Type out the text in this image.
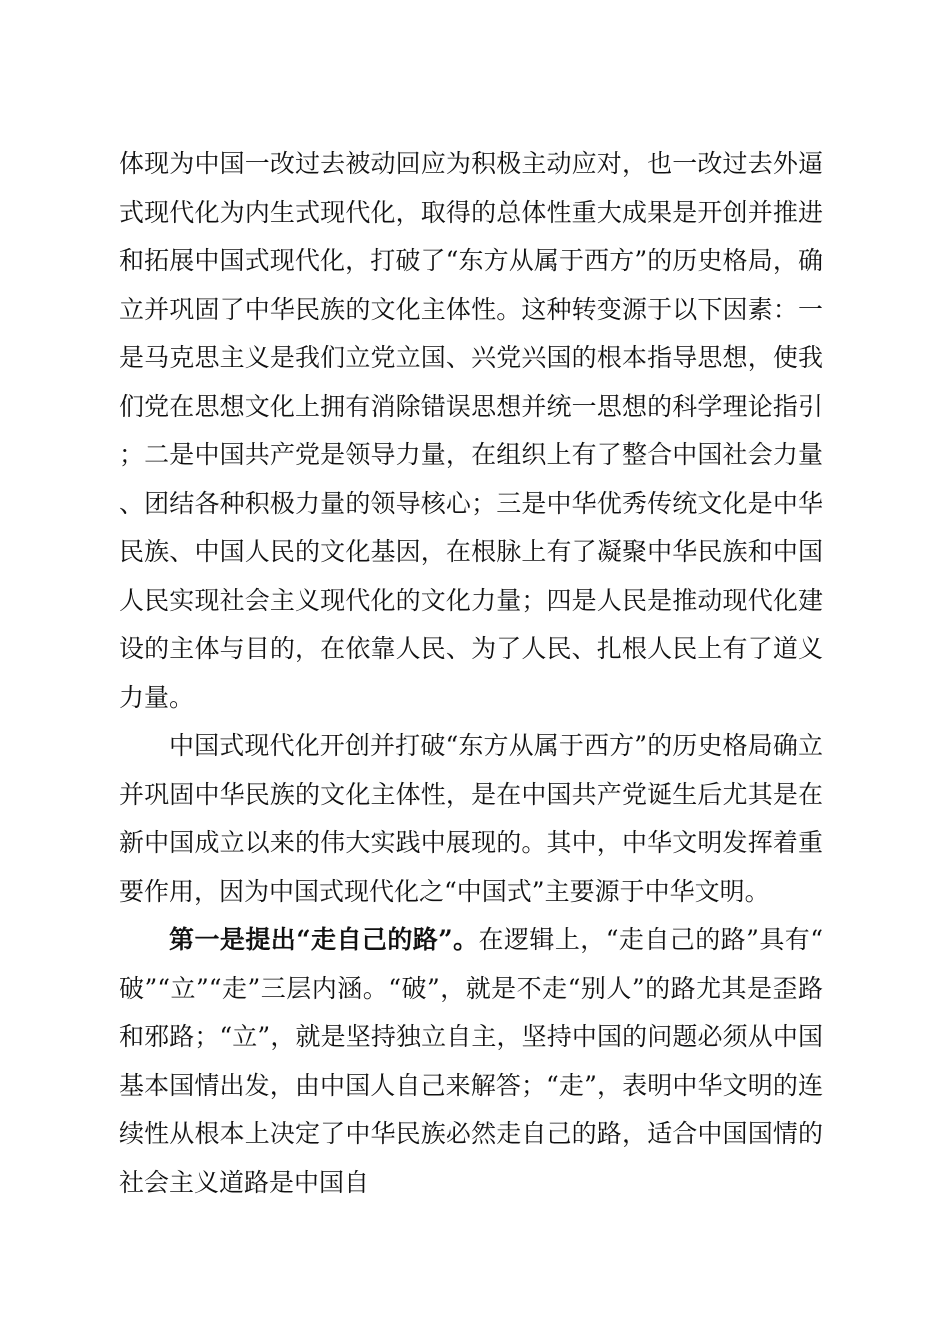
体现为中国一改过去被动回应为积极主动应对，也一改过去外逼式现代化为内生式现代化，取得的总体性重大成果是开创并推进和拓展中国式现代化，打破了“东方从属于西方”的历史格局，确立并巩固了中华民族的文化主体性。这种转变源于以下因素：一是马克思主义是我们立党立国、兴党兴国的根本指导思想，使我们党在思想文化上拥有消除错误思想并统一思想的科学理论指引；二是中国共产党是领导力量，在组织上有了整合中国社会力量、团结各种积极力量的领导核心；三是中华优秀传统文化是中华民族、中国人民的文化基因，在根脉上有了凝聚中华民族和中国人民实现社会主义现代化的文化力量；四是人民是推动现代化建设的主体与目的，在依靠人民、为了人民、扎根人民上有了道义力量。

中国式现代化开创并打破“东方从属于西方”的历史格局确立并巩固中华民族的文化主体性，是在中国共产党诞生后尤其是在新中国成立以来的伟大实践中展现的。其中，中华文明发挥着重要作用，因为中国式现代化之“中国式”主要源于中华文明。

第一是提出“走自己的路”。在逻辑上，“走自己的路”具有“破”“立”“走”三层内涵。“破”，就是不走“别人”的路尤其是歪路和邪路；“立”，就是坚持独立自主，坚持中国的问题必须从中国基本国情出发，由中国人自己来解答；“走”，表明中华文明的连续性从根本上决定了中华民族必然走自己的路，适合中国国情的社会主义道路是中国自
